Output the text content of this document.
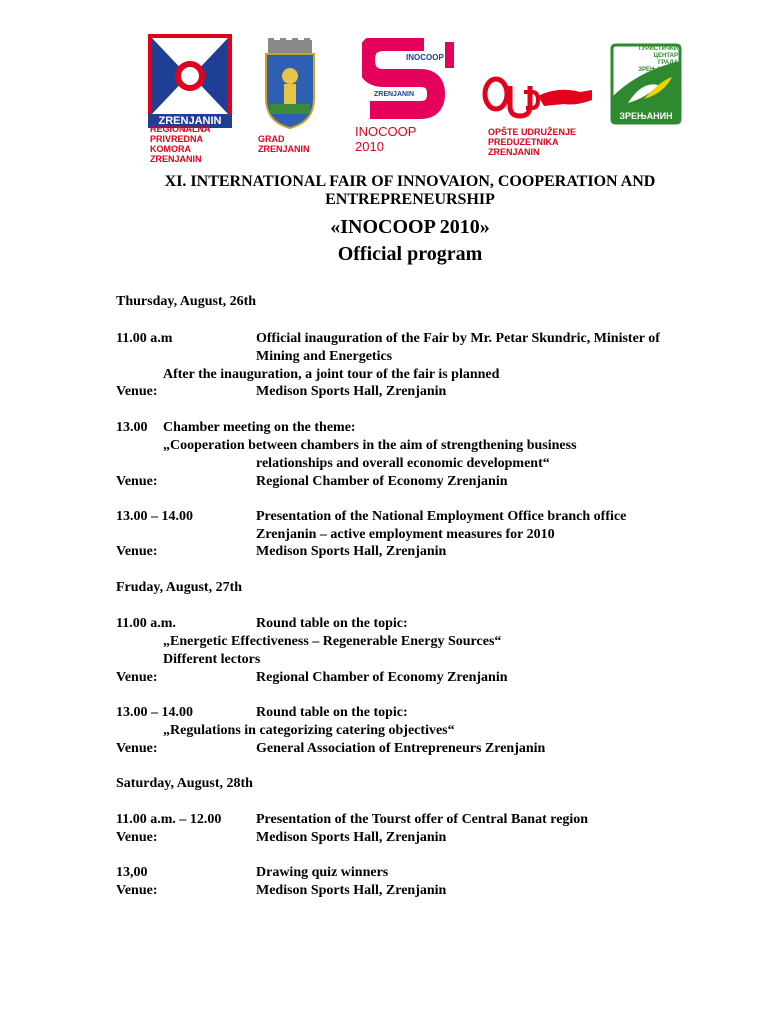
ZRENJANIN
REGIONALNA
PRIVREDNA
KOMORA
ZRENJANIN
GRAD
ZRENJANIN
INOCOOP
ZRENJANIN
INOCOOP
2010
OPŠTE UDRUŽENJE
PREDUZETNIKA
ZRENJANIN
ТУРИСТИЧКИ
ЦЕНТАР
ГРАДА
ЗРЕЊАНИНА
ЗРЕЊАНИН
XI. INTERNATIONAL FAIR OF INNOVAION, COOPERATION AND
ENTREPRENEURSHIP
«INOCOOP 2010»
Official program
Thursday, August, 26th
11.00 a.m	Official inauguration of the Fair by Mr. Petar Skundric, Minister of
Mining and Energetics
After the inauguration, a joint tour of the fair is planned
Venue:	Medison Sports Hall, Zrenjanin
13.00 Chamber meeting on the theme:
„Cooperation between chambers in the aim of strengthening business
relationships and overall economic development“
Venue:	Regional Chamber of Economy Zrenjanin
13.00 – 14.00	Presentation of the National Employment Office branch office
Zrenjanin – active employment measures for 2010
Venue:	Medison Sports Hall, Zrenjanin
Fruday, August, 27th
11.00 a.m.	Round table on the topic:
„Energetic Effectiveness – Regenerable Energy Sources“
Different lectors
Venue:	Regional Chamber of Economy Zrenjanin
13.00 – 14.00	Round table on the topic:
„Regulations in categorizing catering objectives“
Venue:	General Association of Entrepreneurs Zrenjanin
Saturday, August, 28th
11.00 a.m. – 12.00 Presentation of the Tourst offer of Central Banat region
Venue:	Medison Sports Hall, Zrenjanin
13,00	Drawing quiz winners
Venue:	Medison Sports Hall, Zrenjanin
